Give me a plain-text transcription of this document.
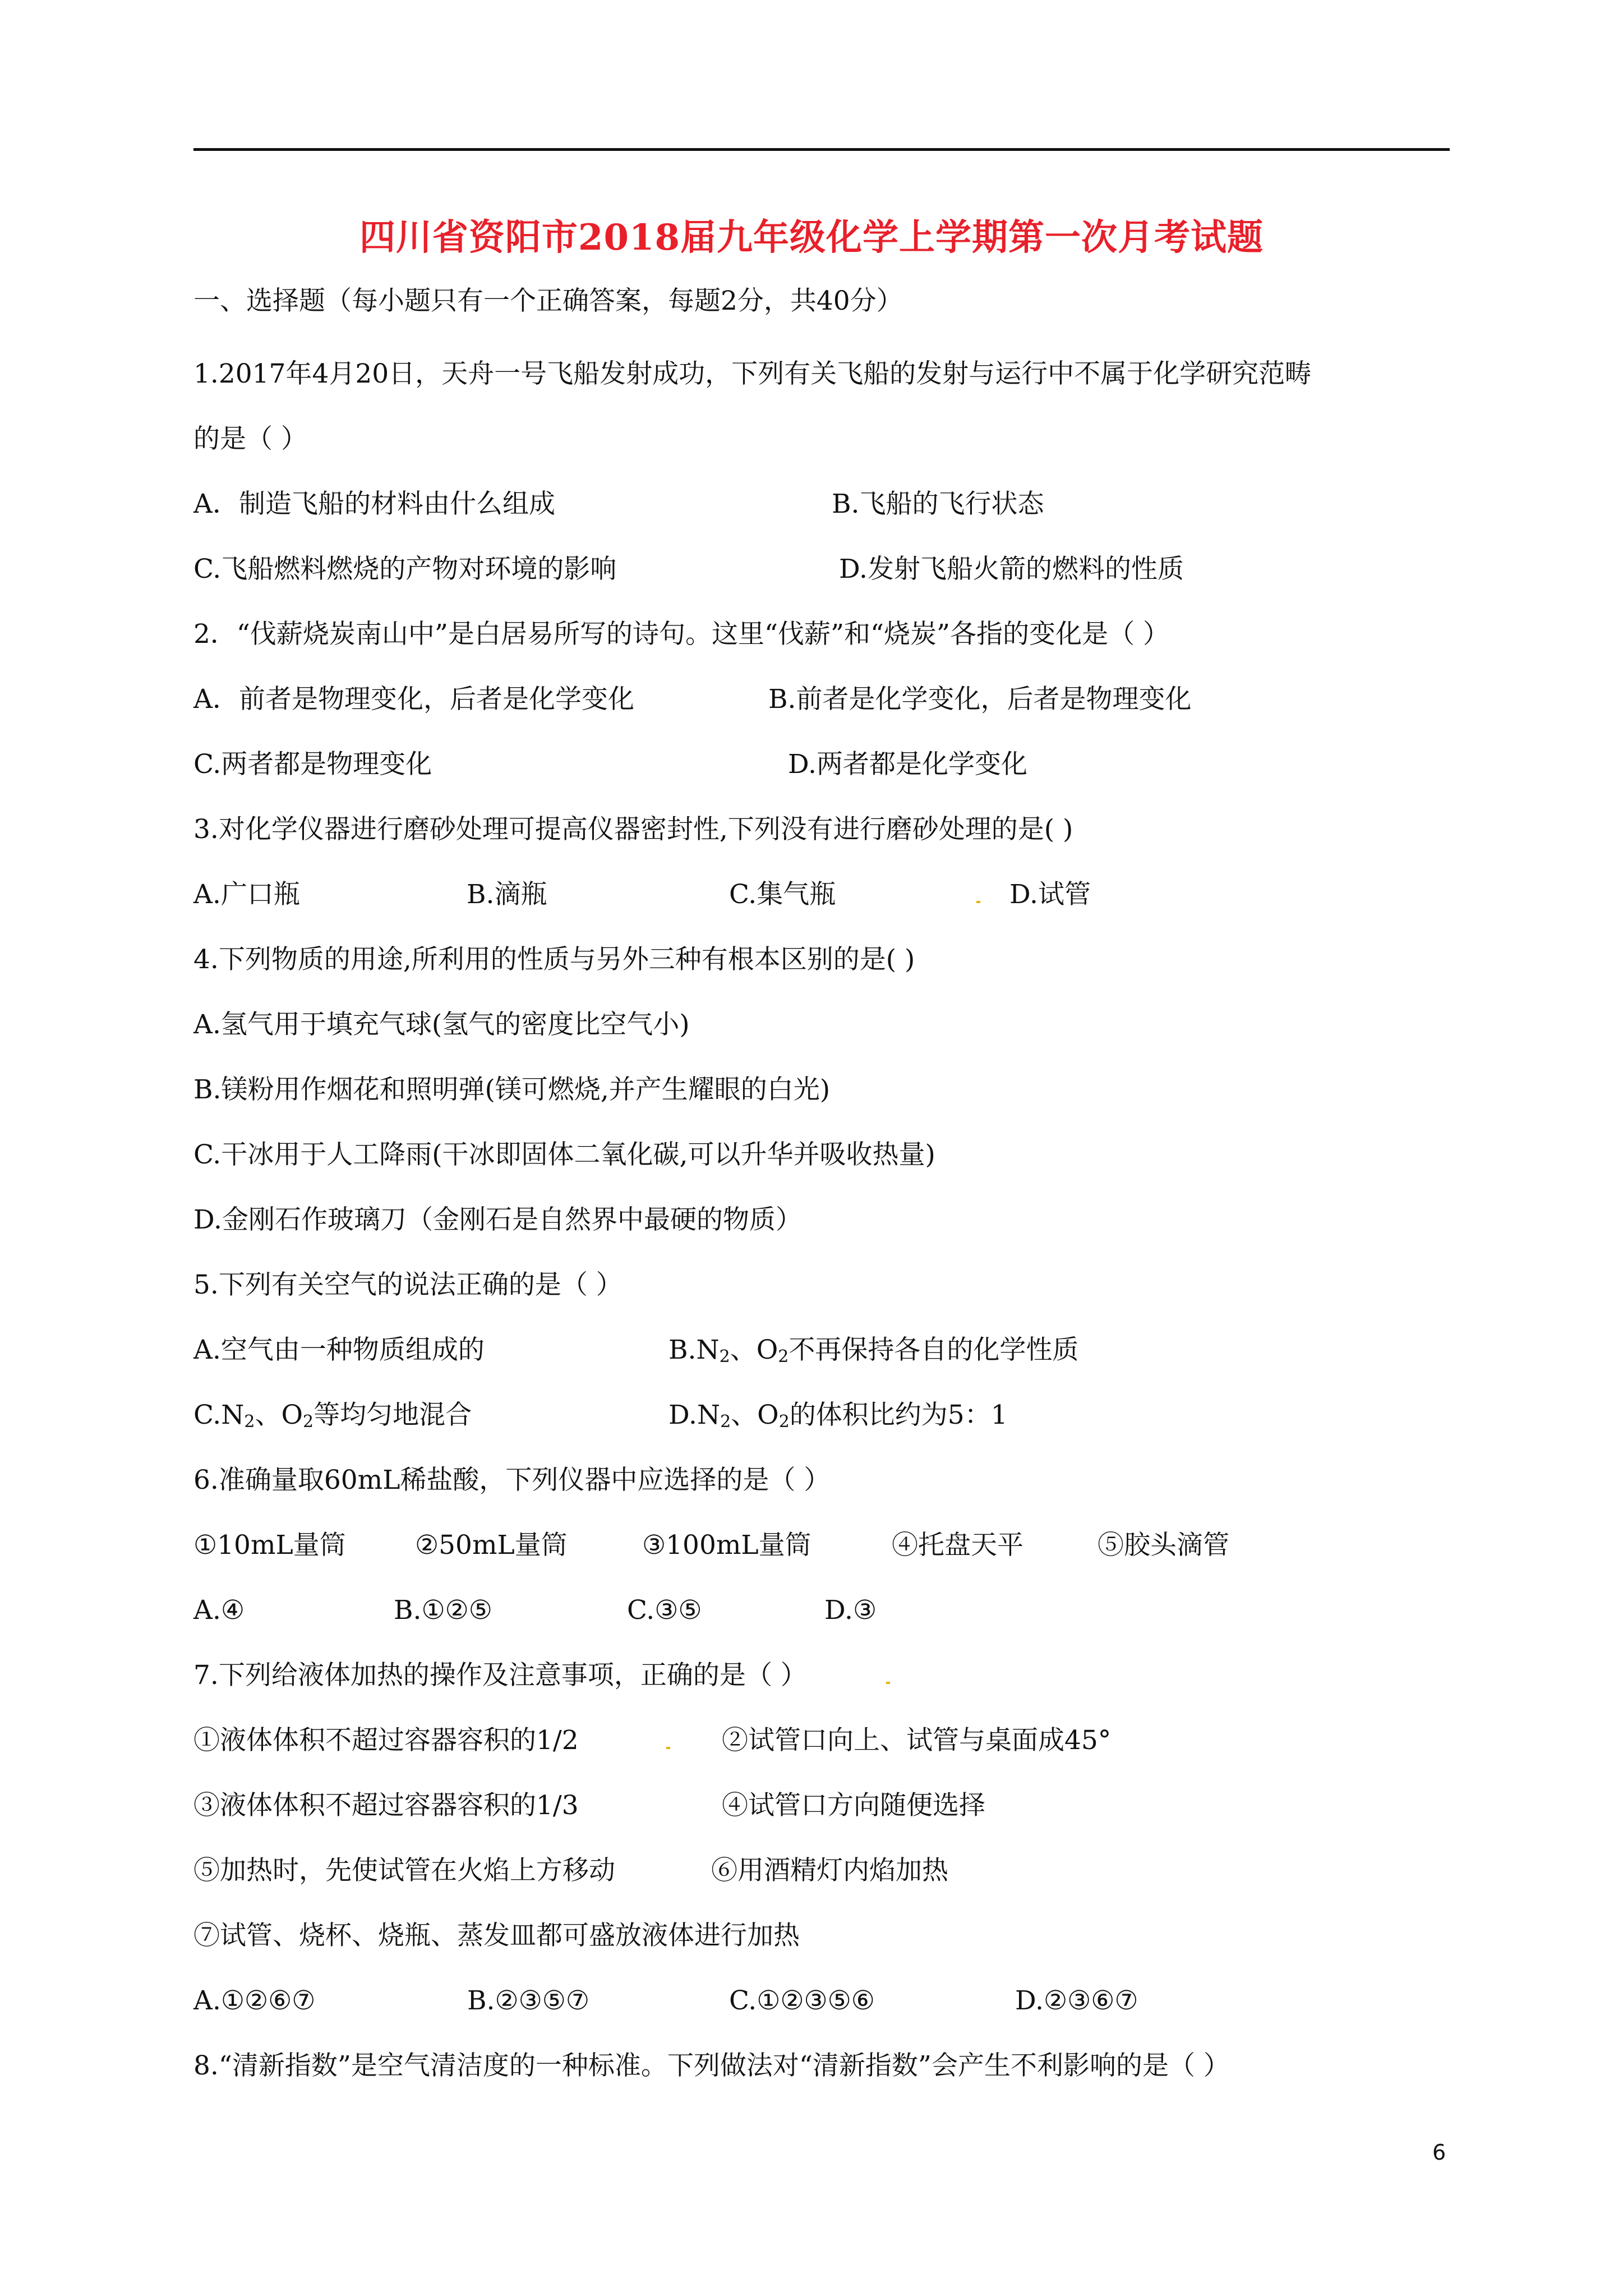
四川省资阳市2018届九年级化学上学期第一次月考试题
一、选择题（每小题只有一个正确答案，每题2分，共40分）
1.2017年4月20日，天舟一号飞船发射成功，下列有关飞船的发射与运行中不属于化学研究范畴
的是（ ）
A．制造飞船的材料由什么组成	B.飞船的飞行状态
C.飞船燃料燃烧的产物对环境的影响	D.发射飞船火箭的燃料的性质
2．“伐薪烧炭南山中”是白居易所写的诗句。这里“伐薪”和“烧炭”各指的变化是（ ）
A．前者是物理变化，后者是化学变化	B.前者是化学变化，后者是物理变化
C.两者都是物理变化	D.两者都是化学变化
3.对化学仪器进行磨砂处理可提高仪器密封性,下列没有进行磨砂处理的是( )
A.广口瓶	B.滴瓶	C.集气瓶	D.试管
4.下列物质的用途,所利用的性质与另外三种有根本区别的是( )
A.氢气用于填充气球(氢气的密度比空气小)
B.镁粉用作烟花和照明弹(镁可燃烧,并产生耀眼的白光)
C.干冰用于人工降雨(干冰即固体二氧化碳,可以升华并吸收热量)
D.金刚石作玻璃刀（金刚石是自然界中最硬的物质）
5.下列有关空气的说法正确的是（ ）
A.空气由一种物质组成的	$B.N_2$、$O_2$不再保持各自的化学性质
$C.N_2$、$O_2$等均匀地混合	$D.N_2$、$O_2$的体积比约为5：1
6.准确量取60mL稀盐酸，下列仪器中应选择的是（ ）
①10mL量筒	②50mL量筒	③100mL量筒	④托盘天平	⑤胶头滴管
A.④	B.①②⑤	C.③⑤	D.③
7.下列给液体加热的操作及注意事项，正确的是（ ）
①液体体积不超过容器容积的1/2	②试管口向上、试管与桌面成45°
③液体体积不超过容器容积的1/3	④试管口方向随便选择
⑤加热时，先使试管在火焰上方移动	⑥用酒精灯内焰加热
⑦试管、烧杯、烧瓶、蒸发皿都可盛放液体进行加热
A.①②⑥⑦	B.②③⑤⑦	C.①②③⑤⑥	D.②③⑥⑦
8.“清新指数”是空气清洁度的一种标准。下列做法对“清新指数”会产生不利影响的是（ ）
6
